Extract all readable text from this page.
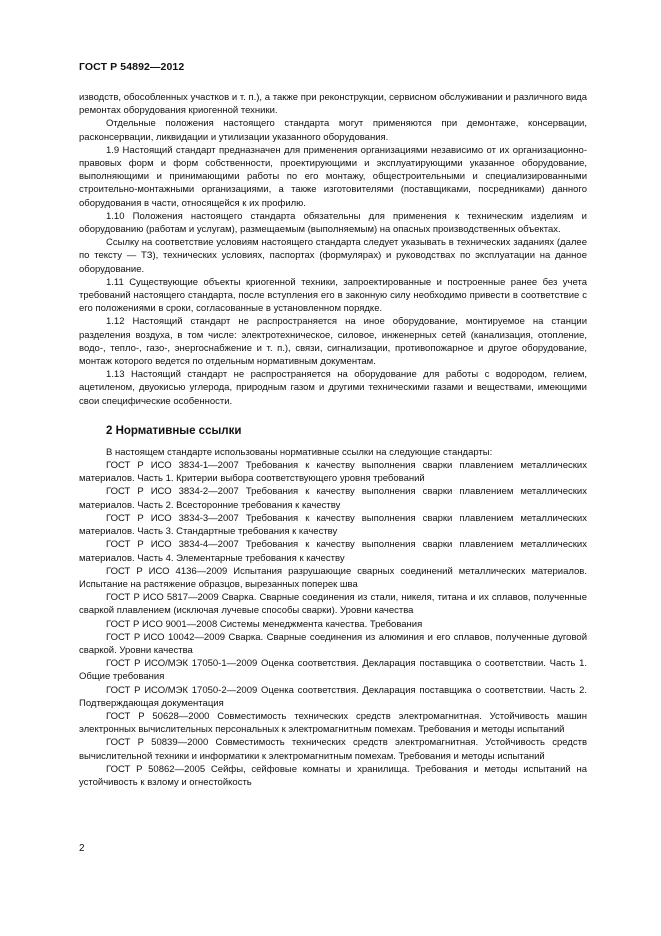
ГОСТ Р 54892—2012

изводств, обособленных участков и т. п.), а также при реконструкции, сервисном обслуживании и различного вида ремонтах оборудования криогенной техники.

Отдельные положения настоящего стандарта могут применяются при демонтаже, консервации, расконсервации, ликвидации и утилизации указанного оборудования.

1.9 Настоящий стандарт предназначен для применения организациями независимо от их организационно-правовых форм и форм собственности, проектирующими и эксплуатирующими указанное оборудование, выполняющими и принимающими работы по его монтажу, общестроительными и специализированными строительно-монтажными организациями, а также изготовителями (поставщиками, посредниками) данного оборудования в части, относящейся к их профилю.

1.10 Положения настоящего стандарта обязательны для применения к техническим изделиям и оборудованию (работам и услугам), размещаемым (выполняемым) на опасных производственных объектах.

Ссылку на соответствие условиям настоящего стандарта следует указывать в технических заданиях (далее по тексту — ТЗ), технических условиях, паспортах (формулярах) и руководствах по эксплуатации на данное оборудование.

1.11 Существующие объекты криогенной техники, запроектированные и построенные ранее без учета требований настоящего стандарта, после вступления его в законную силу необходимо привести в соответствие с его положениями в сроки, согласованные в установленном порядке.

1.12 Настоящий стандарт не распространяется на иное оборудование, монтируемое на станции разделения воздуха, в том числе: электротехническое, силовое, инженерных сетей (канализация, отопление, водо-, тепло-, газо-, энергоснабжение и т. п.), связи, сигнализации, противопожарное и другое оборудование, монтаж которого ведется по отдельным нормативным документам.

1.13 Настоящий стандарт не распространяется на оборудование для работы с водородом, гелием, ацетиленом, двуокисью углерода, природным газом и другими техническими газами и веществами, имеющими свои специфические особенности.

2 Нормативные ссылки

В настоящем стандарте использованы нормативные ссылки на следующие стандарты:

ГОСТ Р ИСО 3834-1—2007 Требования к качеству выполнения сварки плавлением металлических материалов. Часть 1. Критерии выбора соответствующего уровня требований

ГОСТ Р ИСО 3834-2—2007 Требования к качеству выполнения сварки плавлением металлических материалов. Часть 2. Всесторонние требования к качеству

ГОСТ Р ИСО 3834-3—2007 Требования к качеству выполнения сварки плавлением металлических материалов. Часть 3. Стандартные требования к качеству

ГОСТ Р ИСО 3834-4—2007 Требования к качеству выполнения сварки плавлением металлических материалов. Часть 4. Элементарные требования к качеству

ГОСТ Р ИСО 4136—2009 Испытания разрушающие сварных соединений металлических материалов. Испытание на растяжение образцов, вырезанных поперек шва

ГОСТ Р ИСО 5817—2009 Сварка. Сварные соединения из стали, никеля, титана и их сплавов, полученные сваркой плавлением (исключая лучевые способы сварки). Уровни качества

ГОСТ Р ИСО 9001—2008 Системы менеджмента качества. Требования

ГОСТ Р ИСО 10042—2009 Сварка. Сварные соединения из алюминия и его сплавов, полученные дуговой сваркой. Уровни качества

ГОСТ Р ИСО/МЭК 17050-1—2009 Оценка соответствия. Декларация поставщика о соответствии. Часть 1. Общие требования

ГОСТ Р ИСО/МЭК 17050-2—2009 Оценка соответствия. Декларация поставщика о соответствии. Часть 2. Подтверждающая документация

ГОСТ Р 50628—2000 Совместимость технических средств электромагнитная. Устойчивость машин электронных вычислительных персональных к электромагнитным помехам. Требования и методы испытаний

ГОСТ Р 50839—2000 Совместимость технических средств электромагнитная. Устойчивость средств вычислительной техники и информатики к электромагнитным помехам. Требования и методы испытаний

ГОСТ Р 50862—2005 Сейфы, сейфовые комнаты и хранилища. Требования и методы испытаний на устойчивость к взлому и огнестойкость

2
